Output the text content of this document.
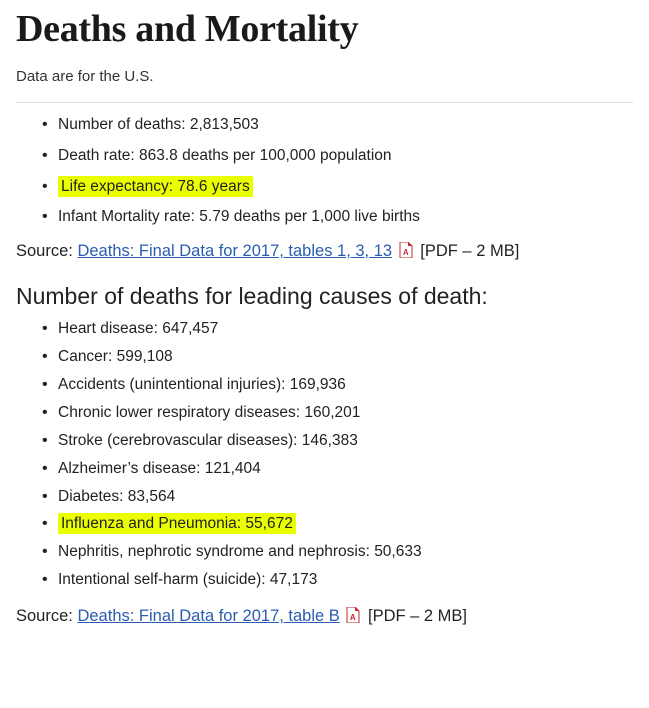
Deaths and Mortality

Data are for the U.S.

• Number of deaths: 2,813,503
• Death rate: 863.8 deaths per 100,000 population
• Life expectancy: 78.6 years
• Infant Mortality rate: 5.79 deaths per 1,000 live births

Source: Deaths: Final Data for 2017, tables 1, 3, 13 A [PDF – 2 MB]

Number of deaths for leading causes of death:
• Heart disease: 647,457
• Cancer: 599,108
• Accidents (unintentional injuries): 169,936
• Chronic lower respiratory diseases: 160,201
• Stroke (cerebrovascular diseases): 146,383
• Alzheimer’s disease: 121,404
• Diabetes: 83,564
• Influenza and Pneumonia: 55,672
• Nephritis, nephrotic syndrome and nephrosis: 50,633
• Intentional self-harm (suicide): 47,173

Source: Deaths: Final Data for 2017, table B A [PDF – 2 MB]
